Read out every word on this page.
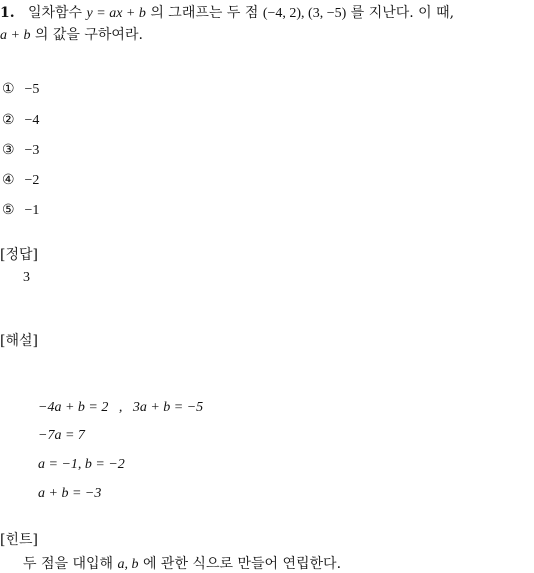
1. 일차함수 y = ax + b 의 그래프는 두 점 (−4, 2), (3, −5) 를 지난다. 이 때,
a + b 의 값을 구하여라.
① −5
② −4
③ −3
④ −2
⑤ −1
[정답]
3
[해설]
−4a + b = 2   ,   3a + b = −5
−7a = 7
a = −1, b = −2
a + b = −3
[힌트]
두 점을 대입해 a, b 에 관한 식으로 만들어 연립한다.
